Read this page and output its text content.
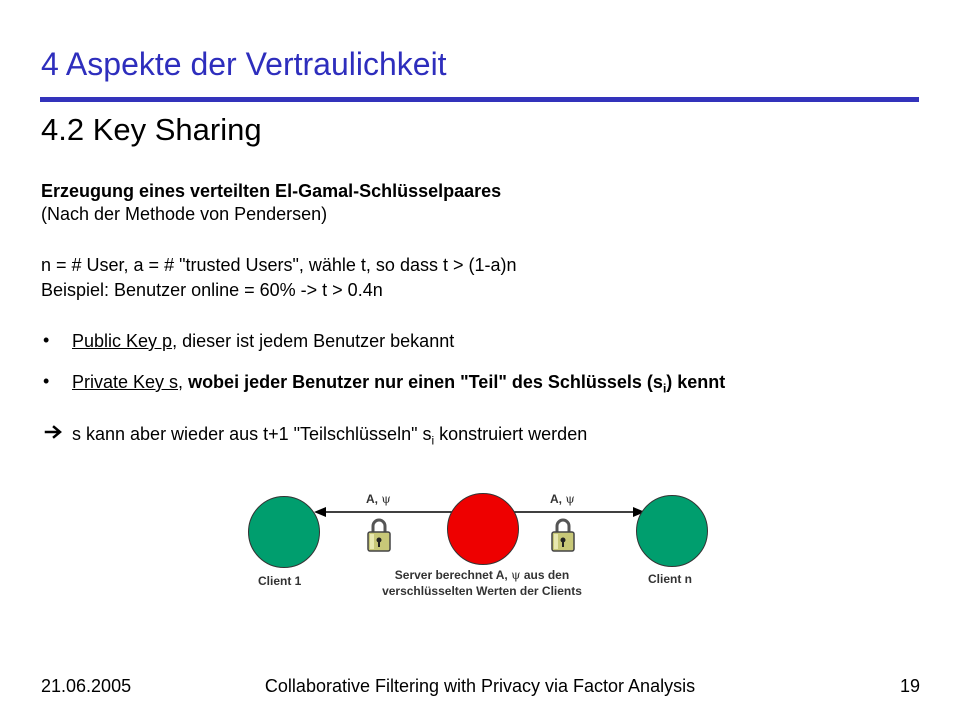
4 Aspekte der Vertraulichkeit
4.2 Key Sharing
Erzeugung eines verteilten El-Gamal-Schlüsselpaares
(Nach der Methode von Pendersen)
n = # User, a = # "trusted Users", wähle t, so dass t > (1-a)n
Beispiel: Benutzer online = 60% -> t > 0.4n
• Public Key p, dieser ist jedem Benutzer bekannt
• Private Key s, wobei jeder Benutzer nur einen "Teil" des Schlüssels $(s_i)$ kennt
s kann aber wieder aus t+1 "Teilschlüsseln" $s_i$ konstruiert werden
A, ψ	A, ψ
Client 1	Client n
Server berechnet A, ψ aus den
verschlüsselten Werten der Clients
21.06.2005	Collaborative Filtering with Privacy via Factor Analysis	19
